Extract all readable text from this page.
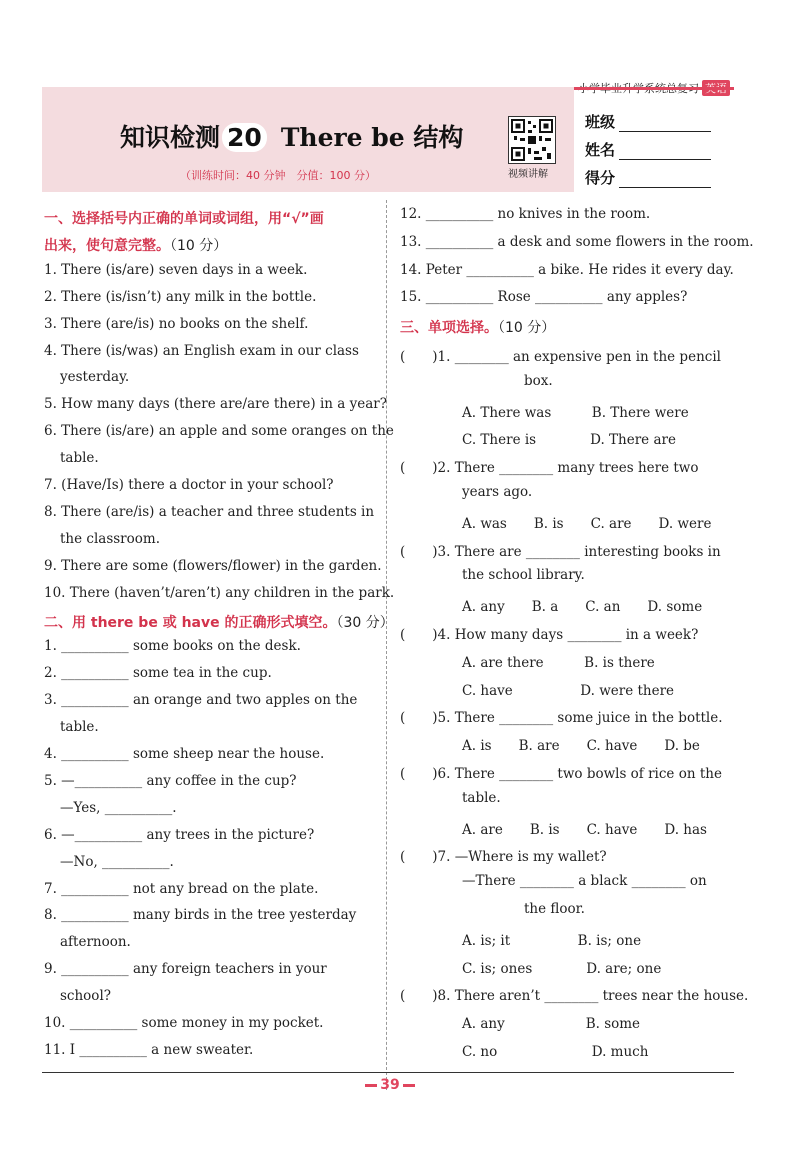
知识检测 20 There be 结构
（训练时间：40 分钟　分值：100 分）	视频讲解
班级
姓名
得分
一、选择括号内正确的单词或词组，用“√”画
出来，使句意完整。（10 分）
1. There (is/are) seven days in a week.
2. There (is/isn’t) any milk in the bottle.
3. There (are/is) no books on the shelf.
4. There (is/was) an English exam in our class
yesterday.
5. How many days (there are/are there) in a year?
6. There (is/are) an apple and some oranges on the
table.
7. (Have/Is) there a doctor in your school?
8. There (are/is) a teacher and three students in
the classroom.
9. There are some (flowers/flower) in the garden.
10. There (haven’t/aren’t) any children in the park.
二、用 there be 或 have 的正确形式填空。（30 分）
1. __________ some books on the desk.
2. __________ some tea in the cup.
3. __________ an orange and two apples on the
table.
4. __________ some sheep near the house.
5. —__________ any coffee in the cup?
—Yes, __________.
6. —__________ any trees in the picture?
—No, __________.
7. __________ not any bread on the plate.
8. __________ many birds in the tree yesterday
afternoon.
9. __________ any foreign teachers in your
school?
10. __________ some money in my pocket.
11. I __________ a new sweater.
12. __________ no knives in the room.
13. __________ a desk and some flowers in the room.
14. Peter __________ a bike. He rides it every day.
15. __________ Rose __________ any apples?
三、单项选择。（10 分）
(　　)1. ________ an expensive pen in the pencil
box.
A. There was　　　B. There were
C. There is　　　　D. There are
(　　)2. There ________ many trees here two
years ago.
A. was　　B. is　　C. are　　D. were
(　　)3. There are ________ interesting books in
the school library.
A. any　　B. a　　C. an　　D. some
(　　)4. How many days ________ in a week?
A. are there　　　B. is there
C. have　　　　　D. were there
(　　)5. There ________ some juice in the bottle.
A. is　　B. are　　C. have　　D. be
(　　)6. There ________ two bowls of rice on the
table.
A. are　　B. is　　C. have　　D. has
(　　)7. —Where is my wallet?
—There ________ a black ________ on
the floor.
A. is; it　　　　　B. is; one
C. is; ones　　　　D. are; one
(　　)8. There aren’t ________ trees near the house.
A. any　　　　　　B. some
C. no　　　　　　　D. much
39
